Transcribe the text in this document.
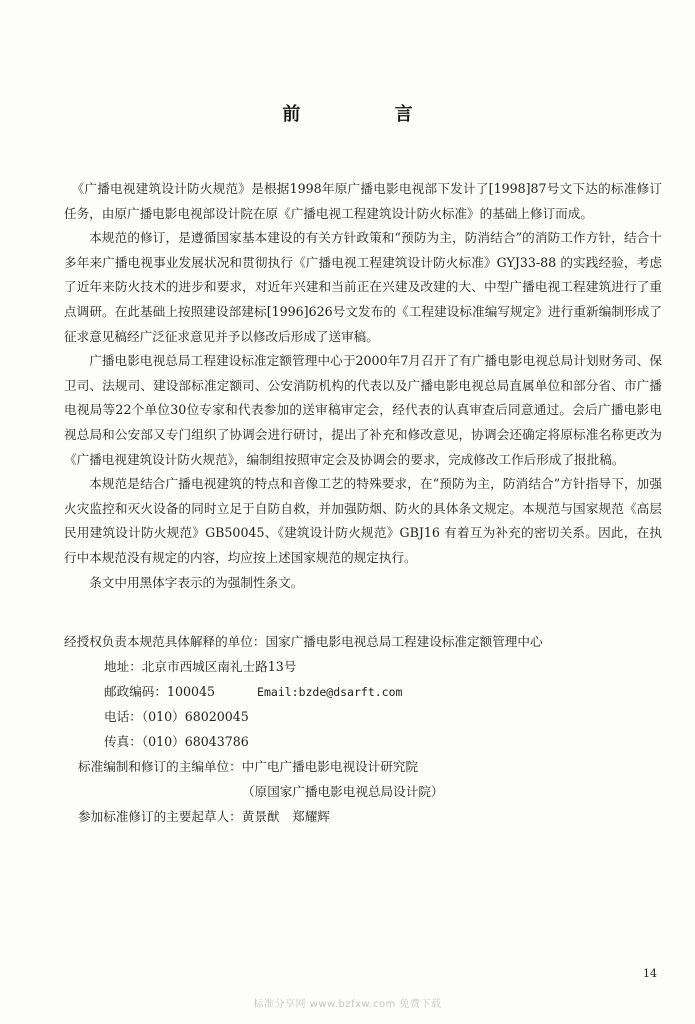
前 言

《广播电视建筑设计防火规范》是根据1998年原广播电影电视部下发计了[1998]87号文下达的标准修订任务，由原广播电影电视部设计院在原《广播电视工程建筑设计防火标准》的基础上修订而成。

本规范的修订，是遵循国家基本建设的有关方针政策和“预防为主，防消结合”的消防工作方针，结合十多年来广播电视事业发展状况和贯彻执行《广播电视工程建筑设计防火标准》GYJ33-88 的实践经验，考虑了近年来防火技术的进步和要求，对近年兴建和当前正在兴建及改建的大、中型广播电视工程建筑进行了重点调研。在此基础上按照建设部建标[1996]626号文发布的《工程建设标准编写规定》进行重新编制形成了征求意见稿经广泛征求意见并予以修改后形成了送审稿。

广播电影电视总局工程建设标准定额管理中心于2000年7月召开了有广播电影电视总局计划财务司、保卫司、法规司、建设部标准定额司、公安消防机构的代表以及广播电影电视总局直属单位和部分省、市广播电视局等22个单位30位专家和代表参加的送审稿审定会，经代表的认真审查后同意通过。会后广播电影电视总局和公安部又专门组织了协调会进行研讨，提出了补充和修改意见，协调会还确定将原标准名称更改为《广播电视建筑设计防火规范》，编制组按照审定会及协调会的要求，完成修改工作后形成了报批稿。

本规范是结合广播电视建筑的特点和音像工艺的特殊要求，在“预防为主，防消结合”方针指导下，加强火灾监控和灭火设备的同时立足于自防自救，并加强防烟、防火的具体条文规定。本规范与国家规范《高层民用建筑设计防火规范》GB50045、《建筑设计防火规范》GBJ16 有着互为补充的密切关系。因此，在执行中本规范没有规定的内容，均应按上述国家规范的规定执行。

条文中用黑体字表示的为强制性条文。

经授权负责本规范具体解释的单位：国家广播电影电视总局工程建设标准定额管理中心
地址：北京市西城区南礼士路13号
邮政编码：100045	Email:bzde@dsarft.com
电话：（010）68020045
传真：（010）68043786
标准编制和修订的主编单位：中广电广播电影电视设计研究院
（原国家广播电影电视总局设计院）
参加标准修订的主要起草人：黄景猷　郑耀辉
14
标准分享网 www.bzfxw.com 免费下载
